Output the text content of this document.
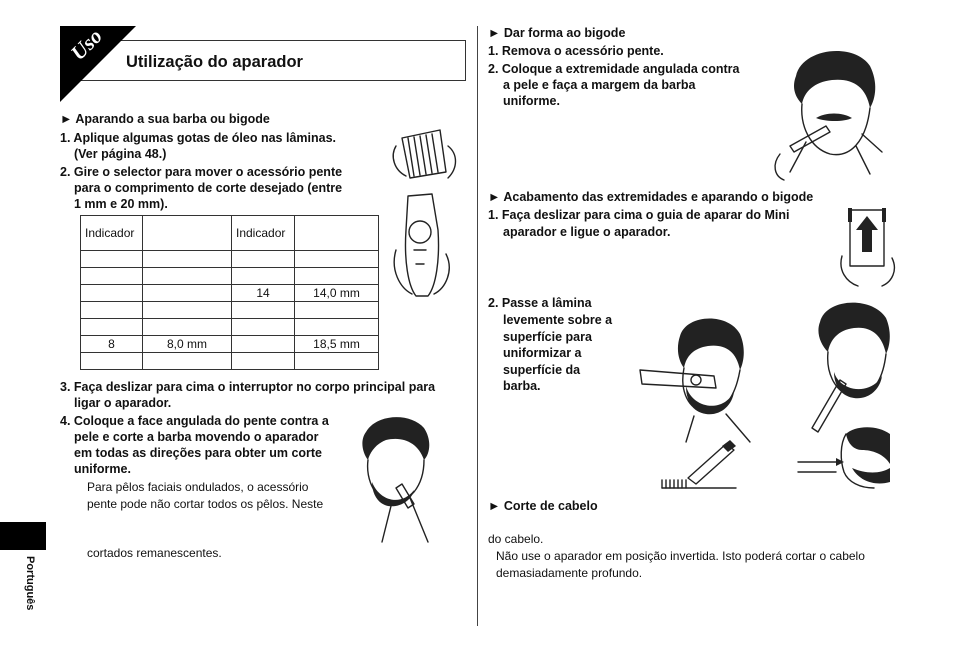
Uso Utilização do aparador
► Aparando a sua barba ou bigode
1. Aplique algumas gotas de óleo nas lâminas.
(Ver página 48.)
2. Gire o selector para mover o acessório pente
para o comprimento de corte desejado (entre
1 mm e 20 mm).
Indicador		Indicador	

		14	14,0 mm

8	8,0 mm		18,5 mm

3. Faça deslizar para cima o interruptor no corpo principal para
ligar o aparador.
4. Coloque a face angulada do pente contra a
pele e corte a barba movendo o aparador
em todas as direções para obter um corte
uniforme.
Para pêlos faciais ondulados, o acessório
pente pode não cortar todos os pêlos. Neste
cortados remanescentes.
Português
► Dar forma ao bigode
1. Remova o acessório pente.
2. Coloque a extremidade angulada contra
a pele e faça a margem da barba
uniforme.
► Acabamento das extremidades e aparando o bigode
1. Faça deslizar para cima o guia de aparar do Mini
aparador e ligue o aparador.
2. Passe a lâmina
levemente sobre a
superfície para
uniformizar a
superfície da
barba.
► Corte de cabelo
do cabelo.
Não use o aparador em posição invertida. Isto poderá cortar o cabelo
demasiadamente profundo.
